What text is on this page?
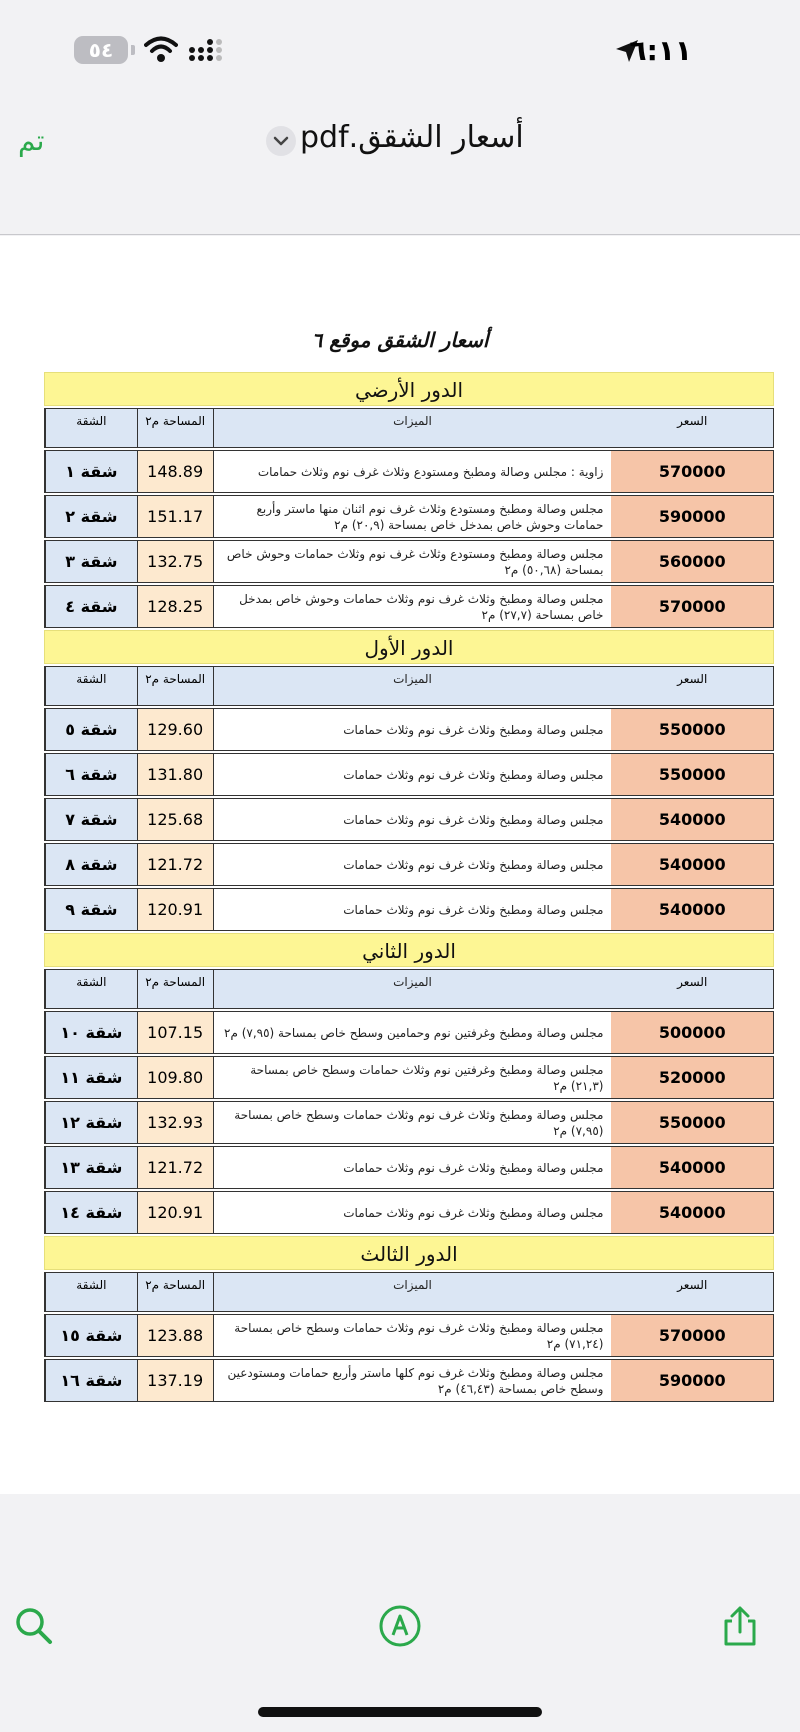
٥٤	٦:١١
تم	أسعار الشقق.pdf
أسعار الشقق موقع ٦
الدور الأرضي
الشقة	المساحة م٢	الميزات	السعر
شقة ١	148.89	زاوية : مجلس وصالة ومطبخ ومستودع وثلاث غرف نوم وثلاث حمامات	570000
شقة ٢	151.17	مجلس وصالة ومطبخ ومستودع وثلاث غرف نوم اثنان منها ماستر وأربع حمامات وحوش خاص بمدخل خاص بمساحة (٢٠,٩) م٢	590000
شقة ٣	132.75	مجلس وصالة ومطبخ ومستودع وثلاث غرف نوم وثلاث حمامات وحوش خاص بمساحة (٥٠,٦٨) م٢	560000
شقة ٤	128.25	مجلس وصالة ومطبخ وثلاث غرف نوم وثلاث حمامات وحوش خاص بمدخل خاص بمساحة (٢٧,٧) م٢	570000
الدور الأول
الشقة	المساحة م٢	الميزات	السعر
شقة ٥	129.60	مجلس وصالة ومطبخ وثلاث غرف نوم وثلاث حمامات	550000
شقة ٦	131.80	مجلس وصالة ومطبخ وثلاث غرف نوم وثلاث حمامات	550000
شقة ٧	125.68	مجلس وصالة ومطبخ وثلاث غرف نوم وثلاث حمامات	540000
شقة ٨	121.72	مجلس وصالة ومطبخ وثلاث غرف نوم وثلاث حمامات	540000
شقة ٩	120.91	مجلس وصالة ومطبخ وثلاث غرف نوم وثلاث حمامات	540000
الدور الثاني
الشقة	المساحة م٢	الميزات	السعر
شقة ١٠	107.15	مجلس وصالة ومطبخ وغرفتين نوم وحمامين وسطح خاص بمساحة (٧,٩٥) م٢	500000
شقة ١١	109.80	مجلس وصالة ومطبخ وغرفتين نوم وثلاث حمامات وسطح خاص بمساحة (٢١,٣) م٢	520000
شقة ١٢	132.93	مجلس وصالة ومطبخ وثلاث غرف نوم وثلاث حمامات وسطح خاص بمساحة (٧,٩٥) م٢	550000
شقة ١٣	121.72	مجلس وصالة ومطبخ وثلاث غرف نوم وثلاث حمامات	540000
شقة ١٤	120.91	مجلس وصالة ومطبخ وثلاث غرف نوم وثلاث حمامات	540000
الدور الثالث
الشقة	المساحة م٢	الميزات	السعر
شقة ١٥	123.88	مجلس وصالة ومطبخ وثلاث غرف نوم وثلاث حمامات وسطح خاص بمساحة (٧١,٢٤) م٢	570000
شقة ١٦	137.19	مجلس وصالة ومطبخ وثلاث غرف نوم كلها ماستر وأربع حمامات ومستودعين وسطح خاص بمساحة (٤٦,٤٣) م٢	590000
